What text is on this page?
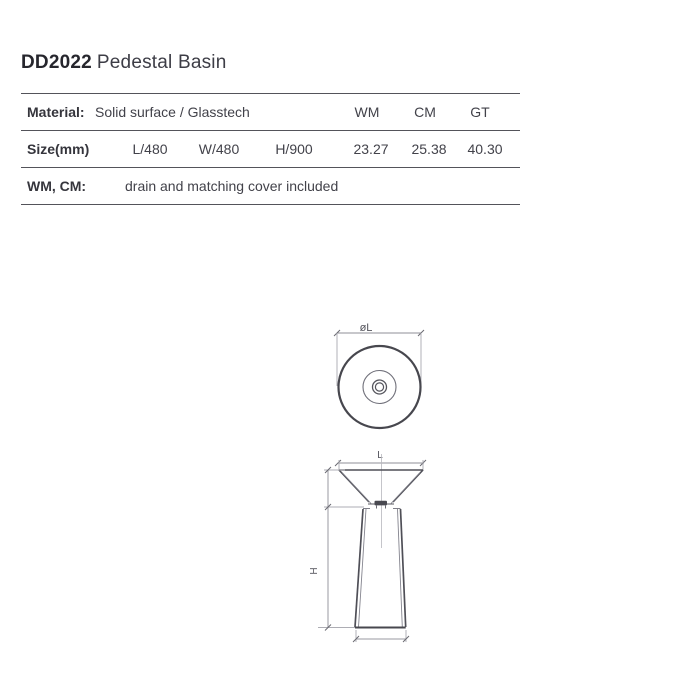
DD2022 Pedestal Basin
Material: Solid surface / Glasstech	WM CM GT
Size(mm)	L/480 W/480	H/900	23.27 25.38 40.30
WM, CM:	drain and matching cover included
øL
L
H
